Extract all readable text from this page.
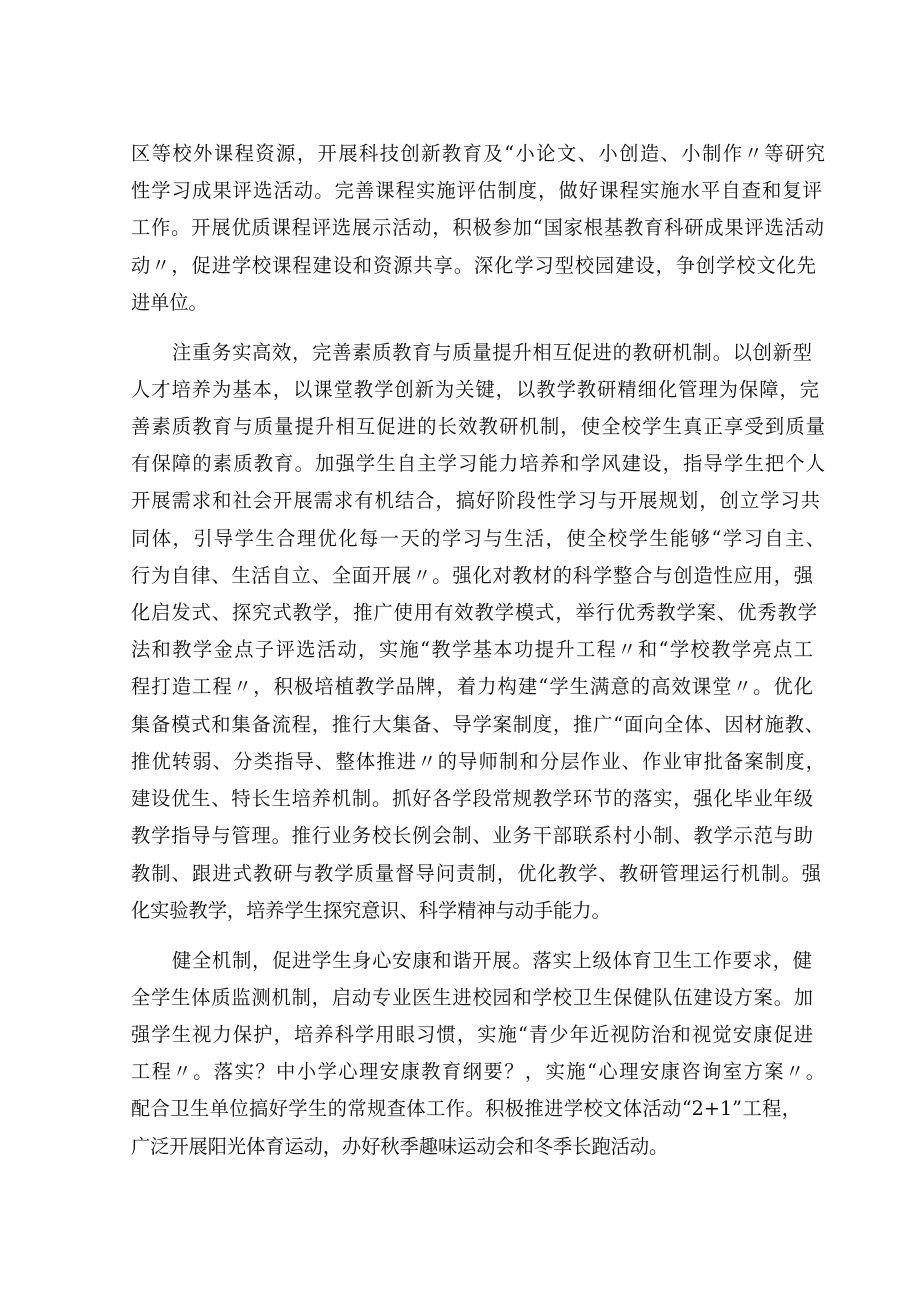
区等校外课程资源，开展科技创新教育及“小论文、小创造、小制作〃等研究
性学习成果评选活动。完善课程实施评估制度，做好课程实施水平自查和复评
工作。开展优质课程评选展示活动，积极参加“国家根基教育科研成果评选活动
动〃，促进学校课程建设和资源共享。深化学习型校园建设，争创学校文化先
进单位。
注重务实高效，完善素质教育与质量提升相互促进的教研机制。以创新型
人才培养为基本，以课堂教学创新为关键，以教学教研精细化管理为保障，完
善素质教育与质量提升相互促进的长效教研机制，使全校学生真正享受到质量
有保障的素质教育。加强学生自主学习能力培养和学风建设，指导学生把个人
开展需求和社会开展需求有机结合，搞好阶段性学习与开展规划，创立学习共
同体，引导学生合理优化每一天的学习与生活，使全校学生能够“学习自主、
行为自律、生活自立、全面开展〃。强化对教材的科学整合与创造性应用，强
化启发式、探究式教学，推广使用有效教学模式，举行优秀教学案、优秀教学
法和教学金点子评选活动，实施“教学基本功提升工程〃和“学校教学亮点工
程打造工程〃，积极培植教学品牌，着力构建“学生满意的高效课堂〃。优化
集备模式和集备流程，推行大集备、导学案制度，推广“面向全体、因材施教、
推优转弱、分类指导、整体推进〃的导师制和分层作业、作业审批备案制度，
建设优生、特长生培养机制。抓好各学段常规教学环节的落实，强化毕业年级
教学指导与管理。推行业务校长例会制、业务干部联系村小制、教学示范与助
教制、跟进式教研与教学质量督导问责制，优化教学、教研管理运行机制。强
化实验教学，培养学生探究意识、科学精神与动手能力。
健全机制，促进学生身心安康和谐开展。落实上级体育卫生工作要求，健
全学生体质监测机制，启动专业医生进校园和学校卫生保健队伍建设方案。加
强学生视力保护，培养科学用眼习惯，实施“青少年近视防治和视觉安康促进
工程〃。落实？中小学心理安康教育纲要？，实施“心理安康咨询室方案〃。
配合卫生单位搞好学生的常规查体工作。积极推进学校文体活动“2+1”工程，
广泛开展阳光体育运动，办好秋季趣味运动会和冬季长跑活动。
